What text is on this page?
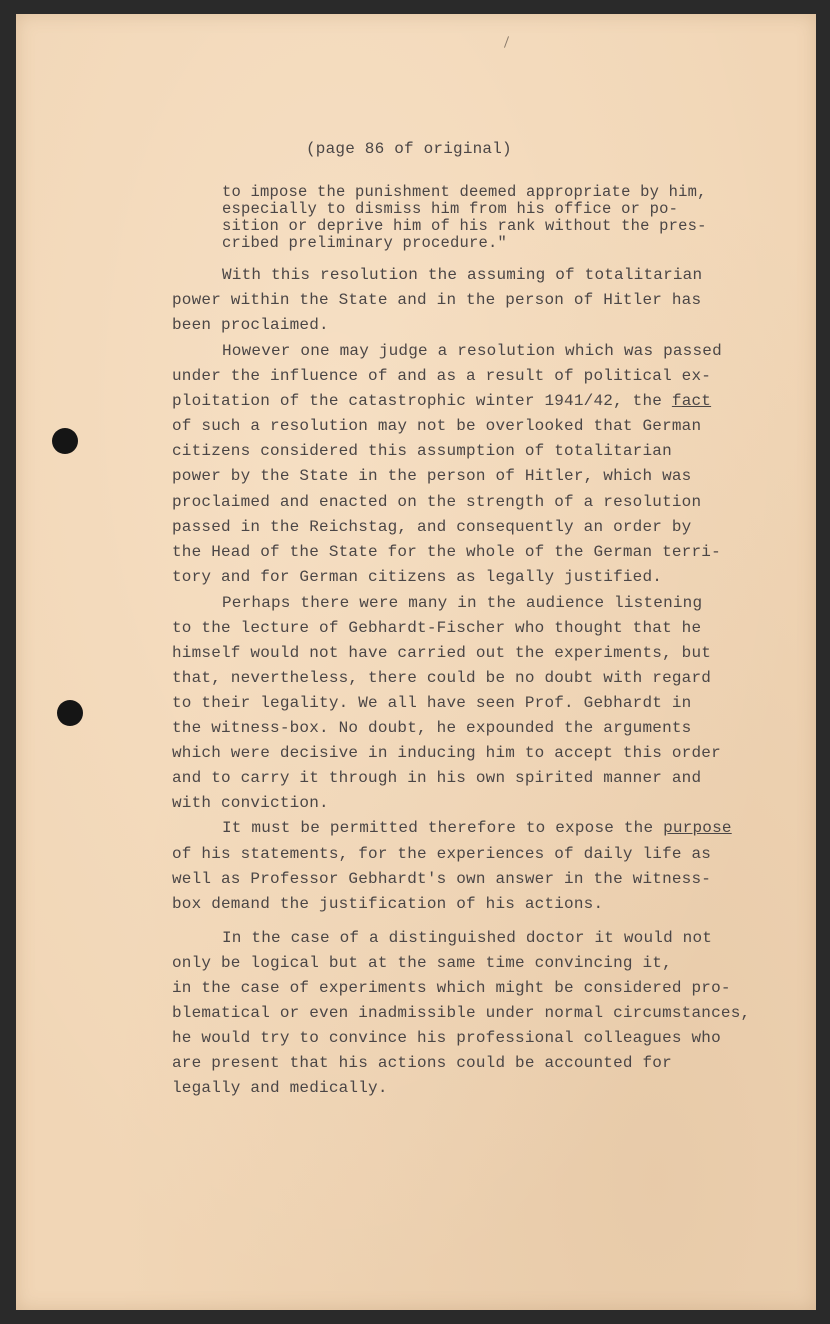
(page 86 of original)
to impose the punishment deemed appropriate by him,
especially to dismiss him from his office or po-
sition or deprive him of his rank without the pres-
cribed preliminary procedure."
With this resolution the assuming of totalitarian
power within the State and in the person of Hitler has
been proclaimed.
However one may judge a resolution which was passed
under the influence of and as a result of political ex-
ploitation of the catastrophic winter 1941/42, the fact
of such a resolution may not be overlooked that German
citizens considered this assumption of totalitarian
power by the State in the person of Hitler, which was
proclaimed and enacted on the strength of a resolution
passed in the Reichstag, and consequently an order by
the Head of the State for the whole of the German terri-
tory and for German citizens as legally justified.
Perhaps there were many in the audience listening
to the lecture of Gebhardt-Fischer who thought that he
himself would not have carried out the experiments, but
that, nevertheless, there could be no doubt with regard
to their legality. We all have seen Prof. Gebhardt in
the witness-box. No doubt, he expounded the arguments
which were decisive in inducing him to accept this order
and to carry it through in his own spirited manner and
with conviction.
It must be permitted therefore to expose the purpose
of his statements, for the experiences of daily life as
well as Professor Gebhardt's own answer in the witness-
box demand the justification of his actions.
In the case of a distinguished doctor it would not
only be logical but at the same time convincing it,
in the case of experiments which might be considered pro-
blematical or even inadmissible under normal circumstances,
he would try to convince his professional colleagues who
are present that his actions could be accounted for
legally and medically.
